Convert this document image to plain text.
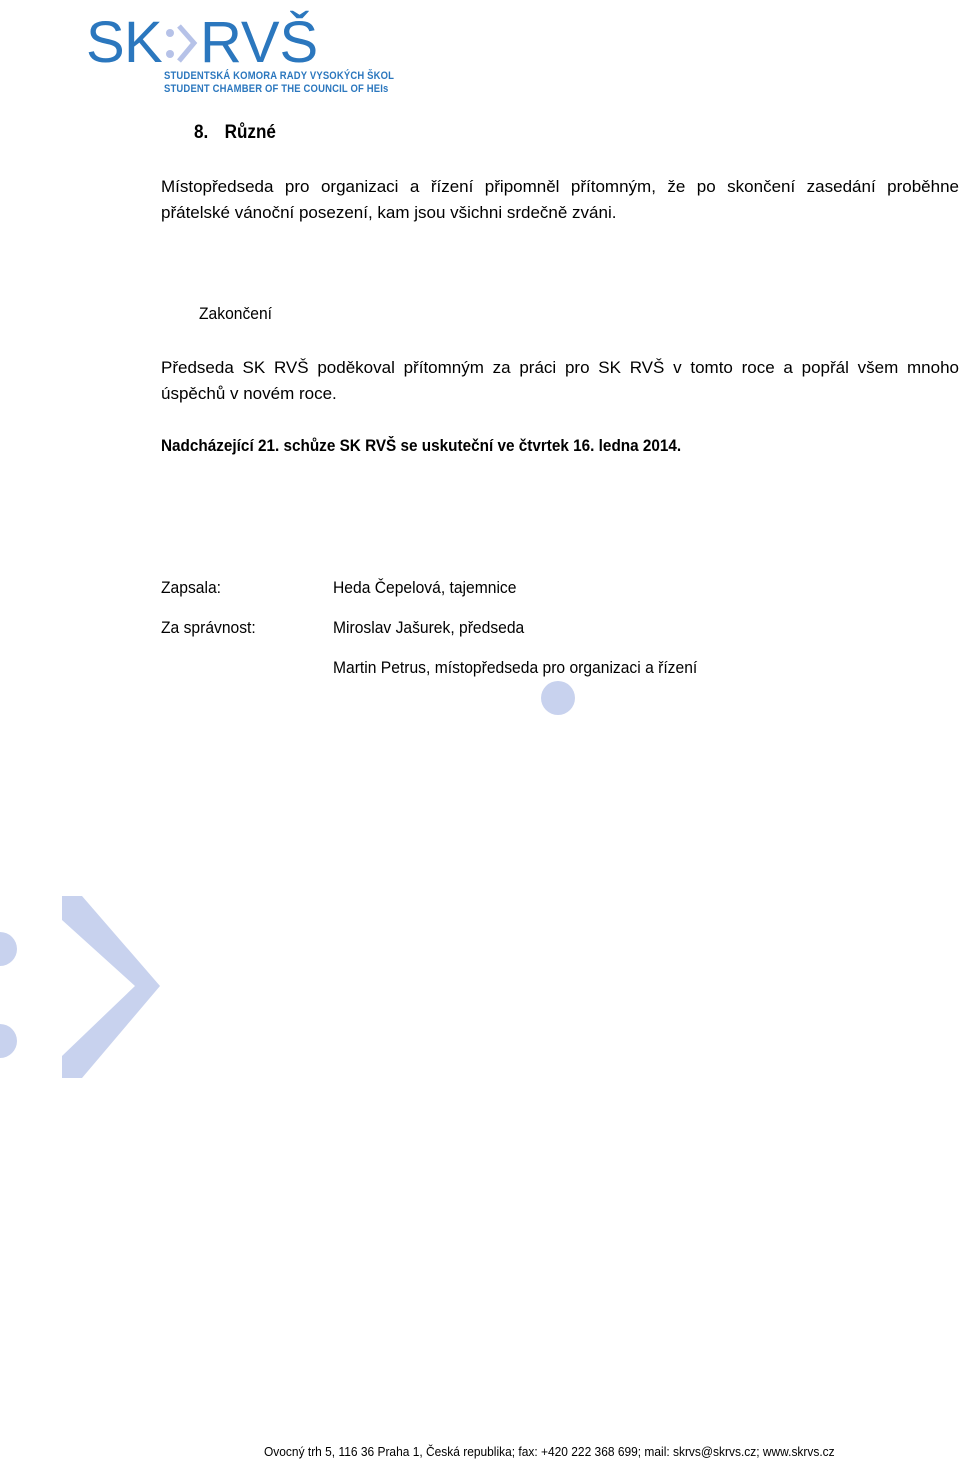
S K RVŠ
STUDENTSKÁ KOMORA RADY VYSOKÝCH ŠKOL
STUDENT CHAMBER OF THE COUNCIL OF HEIs
8. Různé
Místopředseda pro organizaci a řízení připomněl přítomným, že po skončení zasedání proběhne
přátelské vánoční posezení, kam jsou všichni srdečně zváni.
Zakončení
Předseda SK RVŠ poděkoval přítomným za práci pro SK RVŠ v tomto roce a popřál všem mnoho
úspěchů v novém roce.
Nadcházející 21. schůze SK RVŠ se uskuteční ve čtvrtek 16. ledna 2014.
Zapsala:	Heda Čepelová, tajemnice
Za správnost:	Miroslav Jašurek, předseda
Martin Petrus, místopředseda pro organizaci a řízení
Ovocný trh 5, 116 36 Praha 1, Česká republika; fax: +420 222 368 699; mail: skrvs@skrvs.cz; www.skrvs.cz
